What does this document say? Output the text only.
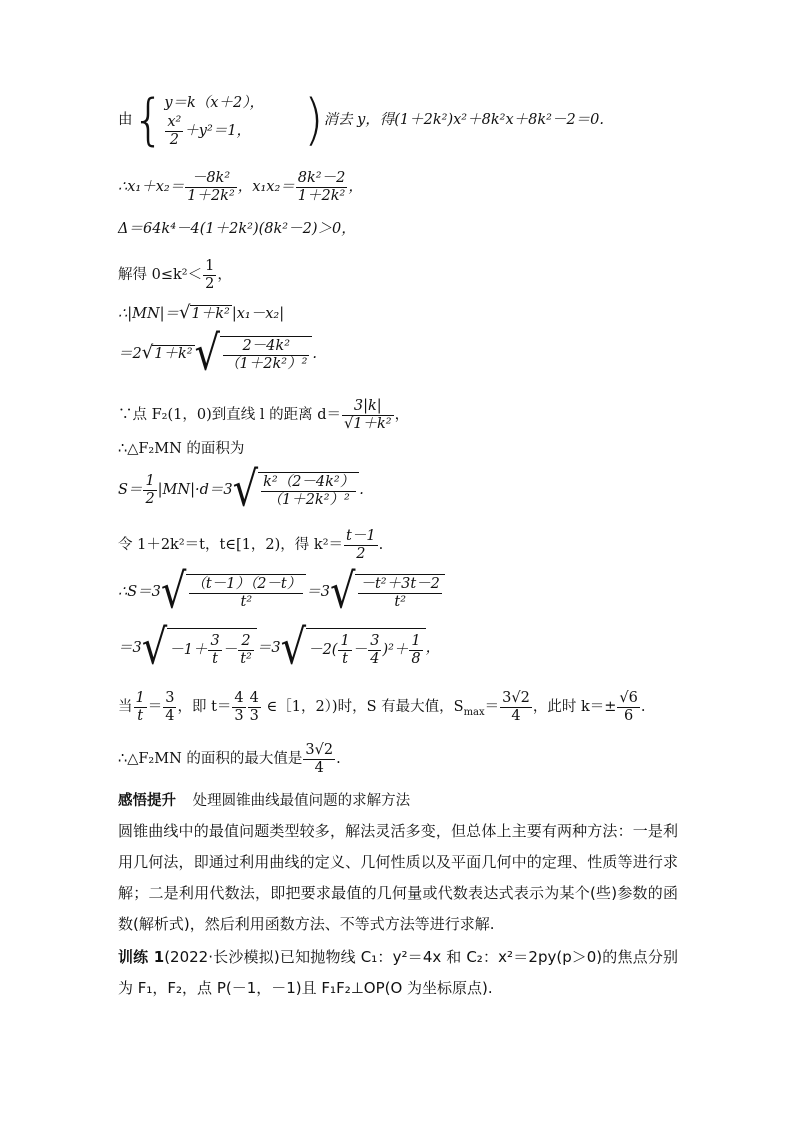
由{ y＝k（x＋2），
$\frac{\text{x²}}{2} +y^2=1$， )消去 y，得(1＋2k²)x²＋8k²x＋8k²－2＝0.
∴x₁＋x₂＝ $\frac{\text{－8k²}}{\text{1＋2k²}}$ ，$x_1x_2= \frac{\text{8k²－2}}{\text{1＋2k²}}$ ，
Δ＝64k⁴－4(1＋2k²)(8k²－2)＞0，
解得 $0\le k^2< \frac{1}{2}$ ，
∴|MN|＝√1＋k² |x₁－x₂|
$=2√1+k^2√ \frac{\text{2－4k²}}{\text{（1＋2k²）²}}$ .
∵点 F₂(1，0)到直线 l 的距离 $d= \frac{3|k|}{\text{√1＋k²}}$ ，
∴△F₂MN 的面积为
$S= \frac{1}{2} |MN|\cdot d=3√ \frac{\text{k²（2－4k²）}}{\text{（1＋2k²）²}}$ .
令 1＋2k²＝t，t∈[1，2)，得 $k^2= \frac{t-1}{2}$ .
∴S＝3√ $\frac{(t-1)(2-t)}{\text{t²}} =3√ \frac{\text{－t²＋3t－2}}{\text{t²}}$
$=3√ -1+ \frac{3}{t} - \frac{2}{\text{t²}} =3√ -2( \frac{1}{t} - \frac{3}{4} )^2+ \frac{1}{8}$ ，
当 $\frac{1}{t} = \frac{3}{4}$ ，即 $t= \frac{4}{3} \frac{4}{3}$ ∈［1，2）)时，S 有最大值，$S_{max}= \frac{3√2}{4}$ ，此时 $k=\pm \frac{√6}{6}$ .
∴△F₂MN 的面积的最大值是 $\frac{3√2}{4}$ .
感悟提升 处理圆锥曲线最值问题的求解方法
圆锥曲线中的最值问题类型较多，解法灵活多变，但总体上主要有两种方法：一是利用几何法，即通过利用曲线的定义、几何性质以及平面几何中的定理、性质等进行求解；二是利用代数法，即把要求最值的几何量或代数表达式表示为某个(些)参数的函数(解析式)，然后利用函数方法、不等式方法等进行求解.
训练 1(2022·长沙模拟)已知抛物线 C₁：y²＝4x 和 C₂：x²＝2py(p＞0)的焦点分别为 F₁，F₂，点 P(－1，－1)且 F₁F₂⊥OP(O 为坐标原点).
